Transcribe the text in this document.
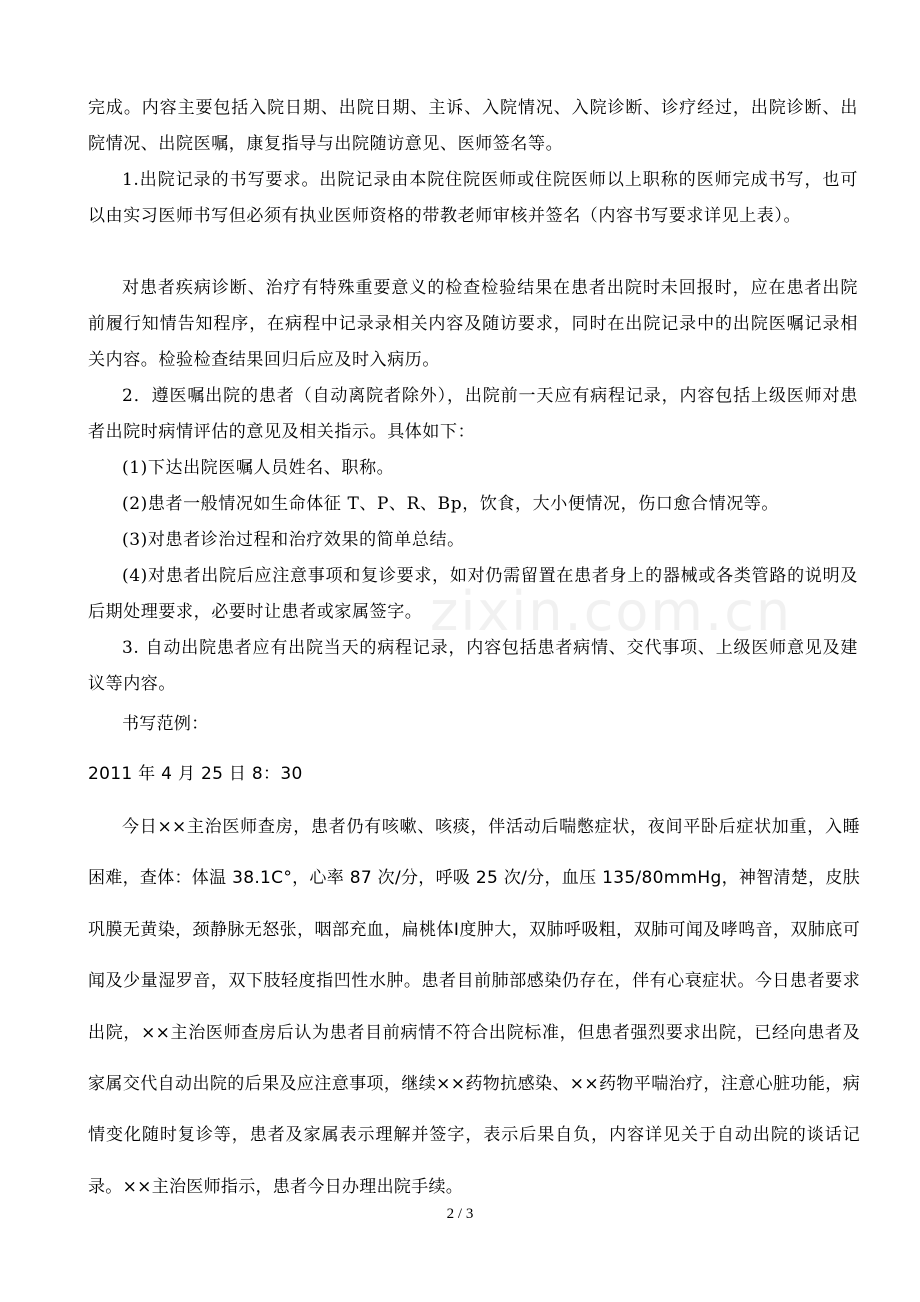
完成。内容主要包括入院日期、出院日期、主诉、入院情况、入院诊断、诊疗经过，出院诊断、出院情况、出院医嘱，康复指导与出院随访意见、医师签名等。

1.出院记录的书写要求。出院记录由本院住院医师或住院医师以上职称的医师完成书写，也可以由实习医师书写但必须有执业医师资格的带教老师审核并签名（内容书写要求详见上表）。

对患者疾病诊断、治疗有特殊重要意义的检查检验结果在患者出院时未回报时，应在患者出院前履行知情告知程序，在病程中记录录相关内容及随访要求，同时在出院记录中的出院医嘱记录相关内容。检验检查结果回归后应及时入病历。

2．遵医嘱出院的患者（自动离院者除外），出院前一天应有病程记录，内容包括上级医师对患者出院时病情评估的意见及相关指示。具体如下：

(1)下达出院医嘱人员姓名、职称。

(2)患者一般情况如生命体征 T、P、R、Bp，饮食，大小便情况，伤口愈合情况等。

(3)对患者诊治过程和治疗效果的简单总结。

(4)对患者出院后应注意事项和复诊要求，如对仍需留置在患者身上的器械或各类管路的说明及后期处理要求，必要时让患者或家属签字。

3. 自动出院患者应有出院当天的病程记录，内容包括患者病情、交代事项、上级医师意见及建议等内容。

zixin.com.cn

书写范例：

2011 年 4 月 25 日 8：30

今日××主治医师查房，患者仍有咳嗽、咳痰，伴活动后喘憋症状，夜间平卧后症状加重，入睡困难，查体：体温 38.1C°，心率 87 次/分，呼吸 25 次/分，血压 135/80mmHg，神智清楚，皮肤巩膜无黄染，颈静脉无怒张，咽部充血，扁桃体Ⅰ度肿大，双肺呼吸粗，双肺可闻及哮鸣音，双肺底可闻及少量湿罗音，双下肢轻度指凹性水肿。患者目前肺部感染仍存在，伴有心衰症状。今日患者要求出院，××主治医师查房后认为患者目前病情不符合出院标准，但患者强烈要求出院，已经向患者及家属交代自动出院的后果及应注意事项，继续××药物抗感染、××药物平喘治疗，注意心脏功能，病情变化随时复诊等，患者及家属表示理解并签字，表示后果自负，内容详见关于自动出院的谈话记录。××主治医师指示，患者今日办理出院手续。

2 / 3
